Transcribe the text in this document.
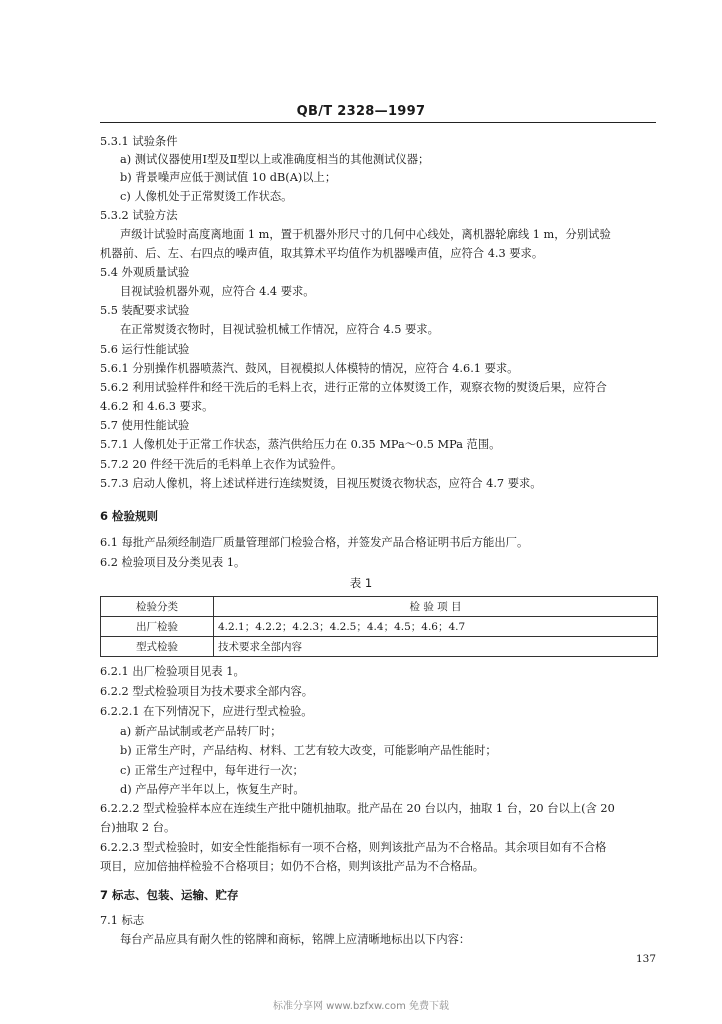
QB/T 2328—1997
5.3.1 试验条件
a) 测试仪器使用Ⅰ型及Ⅱ型以上或准确度相当的其他测试仪器；
b) 背景噪声应低于测试值 10 dB(A)以上；
c) 人像机处于正常熨烫工作状态。
5.3.2 试验方法
声级计试验时高度离地面 1 m，置于机器外形尺寸的几何中心线处，离机器轮廓线 1 m，分别试验
机器前、后、左、右四点的噪声值，取其算术平均值作为机器噪声值，应符合 4.3 要求。
5.4 外观质量试验
目视试验机器外观，应符合 4.4 要求。
5.5 装配要求试验
在正常熨烫衣物时，目视试验机械工作情况，应符合 4.5 要求。
5.6 运行性能试验
5.6.1 分别操作机器喷蒸汽、鼓风，目视模拟人体模特的情况，应符合 4.6.1 要求。
5.6.2 利用试验样件和经干洗后的毛料上衣，进行正常的立体熨烫工作，观察衣物的熨烫后果，应符合
4.6.2 和 4.6.3 要求。
5.7 使用性能试验
5.7.1 人像机处于正常工作状态，蒸汽供给压力在 0.35 MPa～0.5 MPa 范围。
5.7.2 20 件经干洗后的毛料单上衣作为试验件。
5.7.3 启动人像机，将上述试样进行连续熨烫，目视压熨烫衣物状态，应符合 4.7 要求。
6 检验规则
6.1 每批产品须经制造厂质量管理部门检验合格，并签发产品合格证明书后方能出厂。
6.2 检验项目及分类见表 1。
表 1
检验分类	检 验 项 目
出厂检验	4.2.1；4.2.2；4.2.3；4.2.5；4.4；4.5；4.6；4.7
型式检验	技术要求全部内容
6.2.1 出厂检验项目见表 1。
6.2.2 型式检验项目为技术要求全部内容。
6.2.2.1 在下列情况下，应进行型式检验。
a) 新产品试制或老产品转厂时；
b) 正常生产时，产品结构、材料、工艺有较大改变，可能影响产品性能时；
c) 正常生产过程中，每年进行一次；
d) 产品停产半年以上，恢复生产时。
6.2.2.2 型式检验样本应在连续生产批中随机抽取。批产品在 20 台以内，抽取 1 台，20 台以上(含 20
台)抽取 2 台。
6.2.2.3 型式检验时，如安全性能指标有一项不合格，则判该批产品为不合格品。其余项目如有不合格
项目，应加倍抽样检验不合格项目；如仍不合格，则判该批产品为不合格品。
7 标志、包装、运输、贮存
7.1 标志
每台产品应具有耐久性的铭牌和商标，铭牌上应清晰地标出以下内容：
137
标准分享网 www.bzfxw.com 免费下载
